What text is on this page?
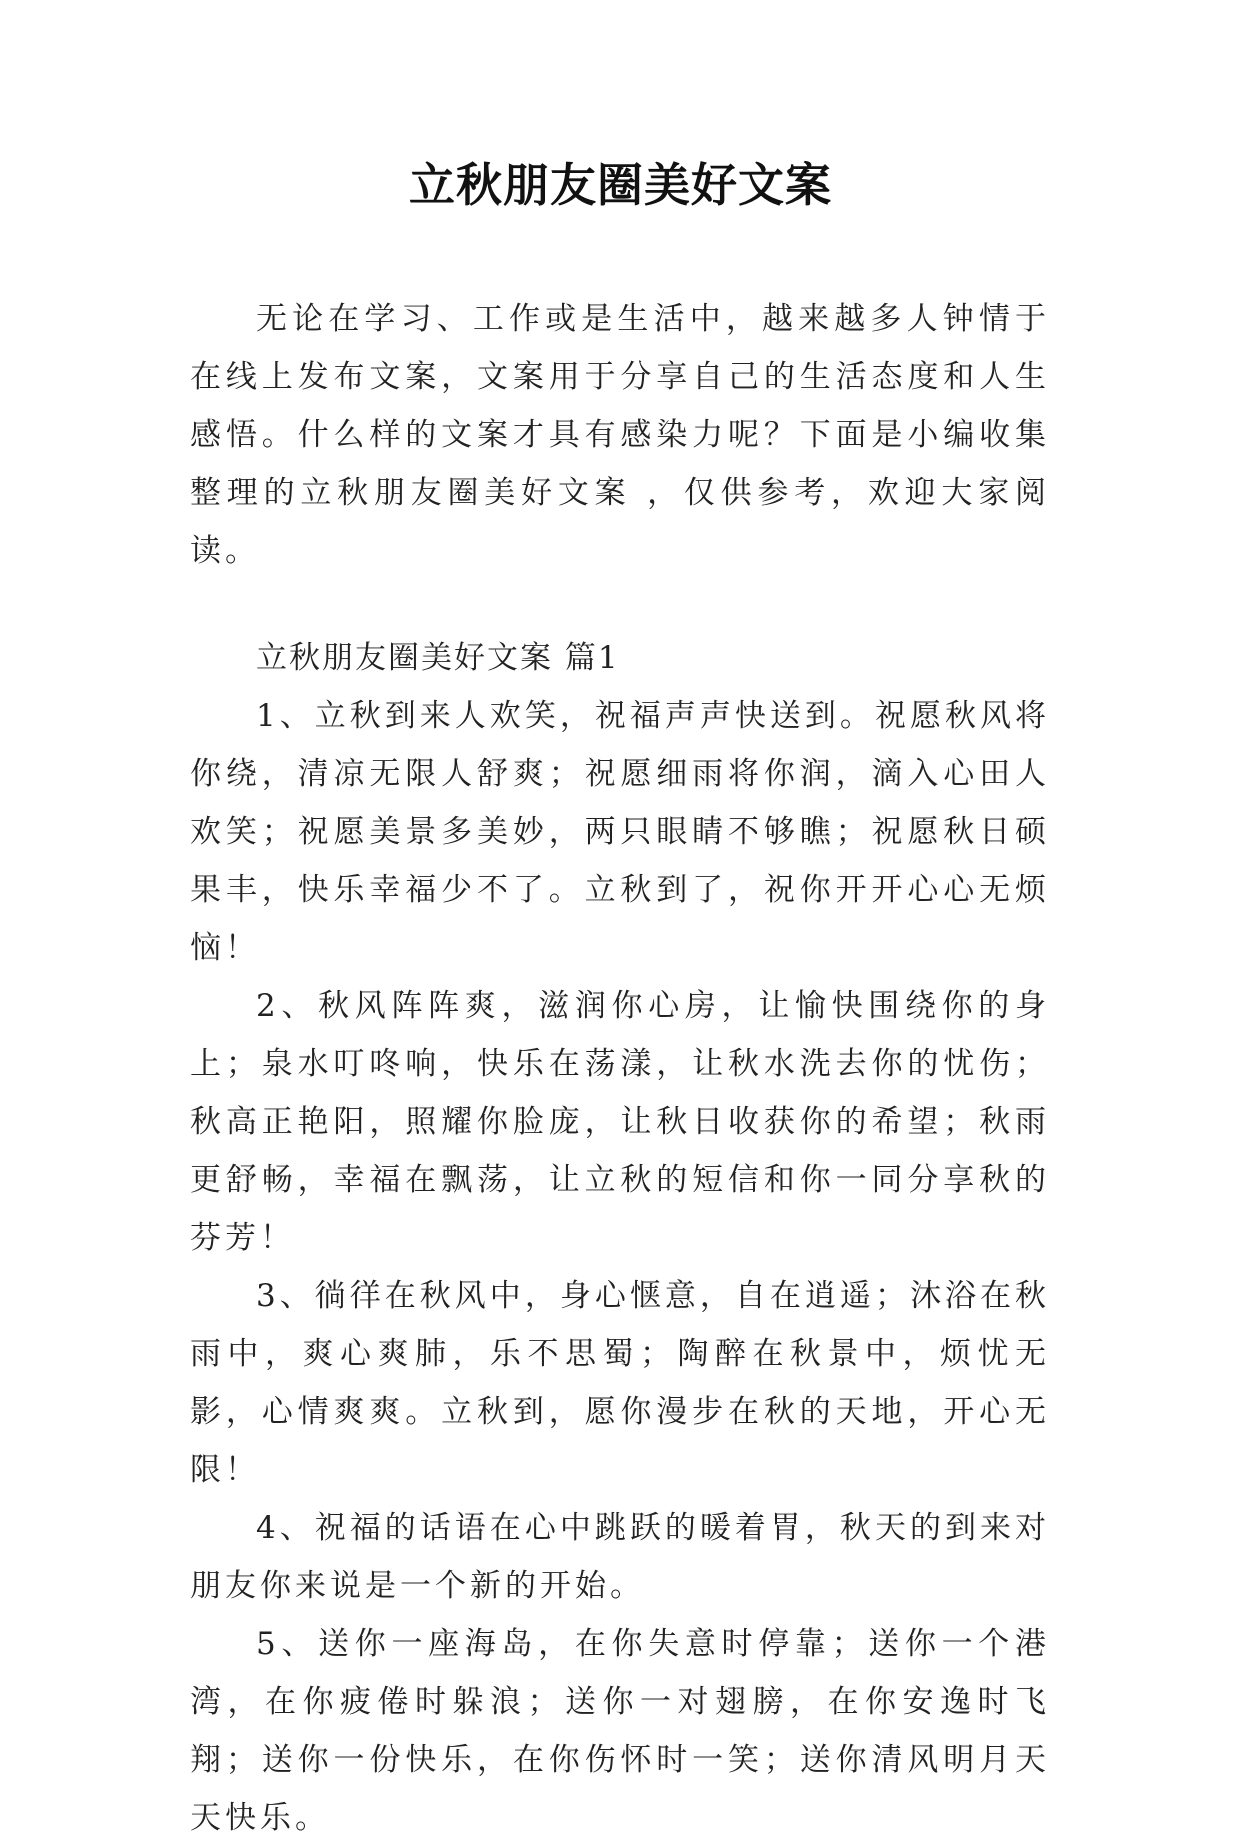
立秋朋友圈美好文案

无论在学习、工作或是生活中，越来越多人钟情于在线上发布文案，文案用于分享自己的生活态度和人生感悟。什么样的文案才具有感染力呢？下面是小编收集整理的立秋朋友圈美好文案 ，仅供参考，欢迎大家阅读。

立秋朋友圈美好文案 篇1

1、立秋到来人欢笑，祝福声声快送到。祝愿秋风将你绕，清凉无限人舒爽；祝愿细雨将你润，滴入心田人欢笑；祝愿美景多美妙，两只眼睛不够瞧；祝愿秋日硕果丰，快乐幸福少不了。立秋到了，祝你开开心心无烦恼！

2、秋风阵阵爽，滋润你心房，让愉快围绕你的身上；泉水叮咚响，快乐在荡漾，让秋水洗去你的忧伤；秋高正艳阳，照耀你脸庞，让秋日收获你的希望；秋雨更舒畅，幸福在飘荡，让立秋的短信和你一同分享秋的芬芳！

3、徜徉在秋风中，身心惬意，自在逍遥；沐浴在秋雨中，爽心爽肺，乐不思蜀；陶醉在秋景中，烦忧无影，心情爽爽。立秋到，愿你漫步在秋的天地，开心无限！

4、祝福的话语在心中跳跃的暖着胃，秋天的到来对朋友你来说是一个新的开始。

5、送你一座海岛，在你失意时停靠；送你一个港湾，在你疲倦时躲浪；送你一对翅膀，在你安逸时飞翔；送你一份快乐，在你伤怀时一笑；送你清风明月天天快乐。
